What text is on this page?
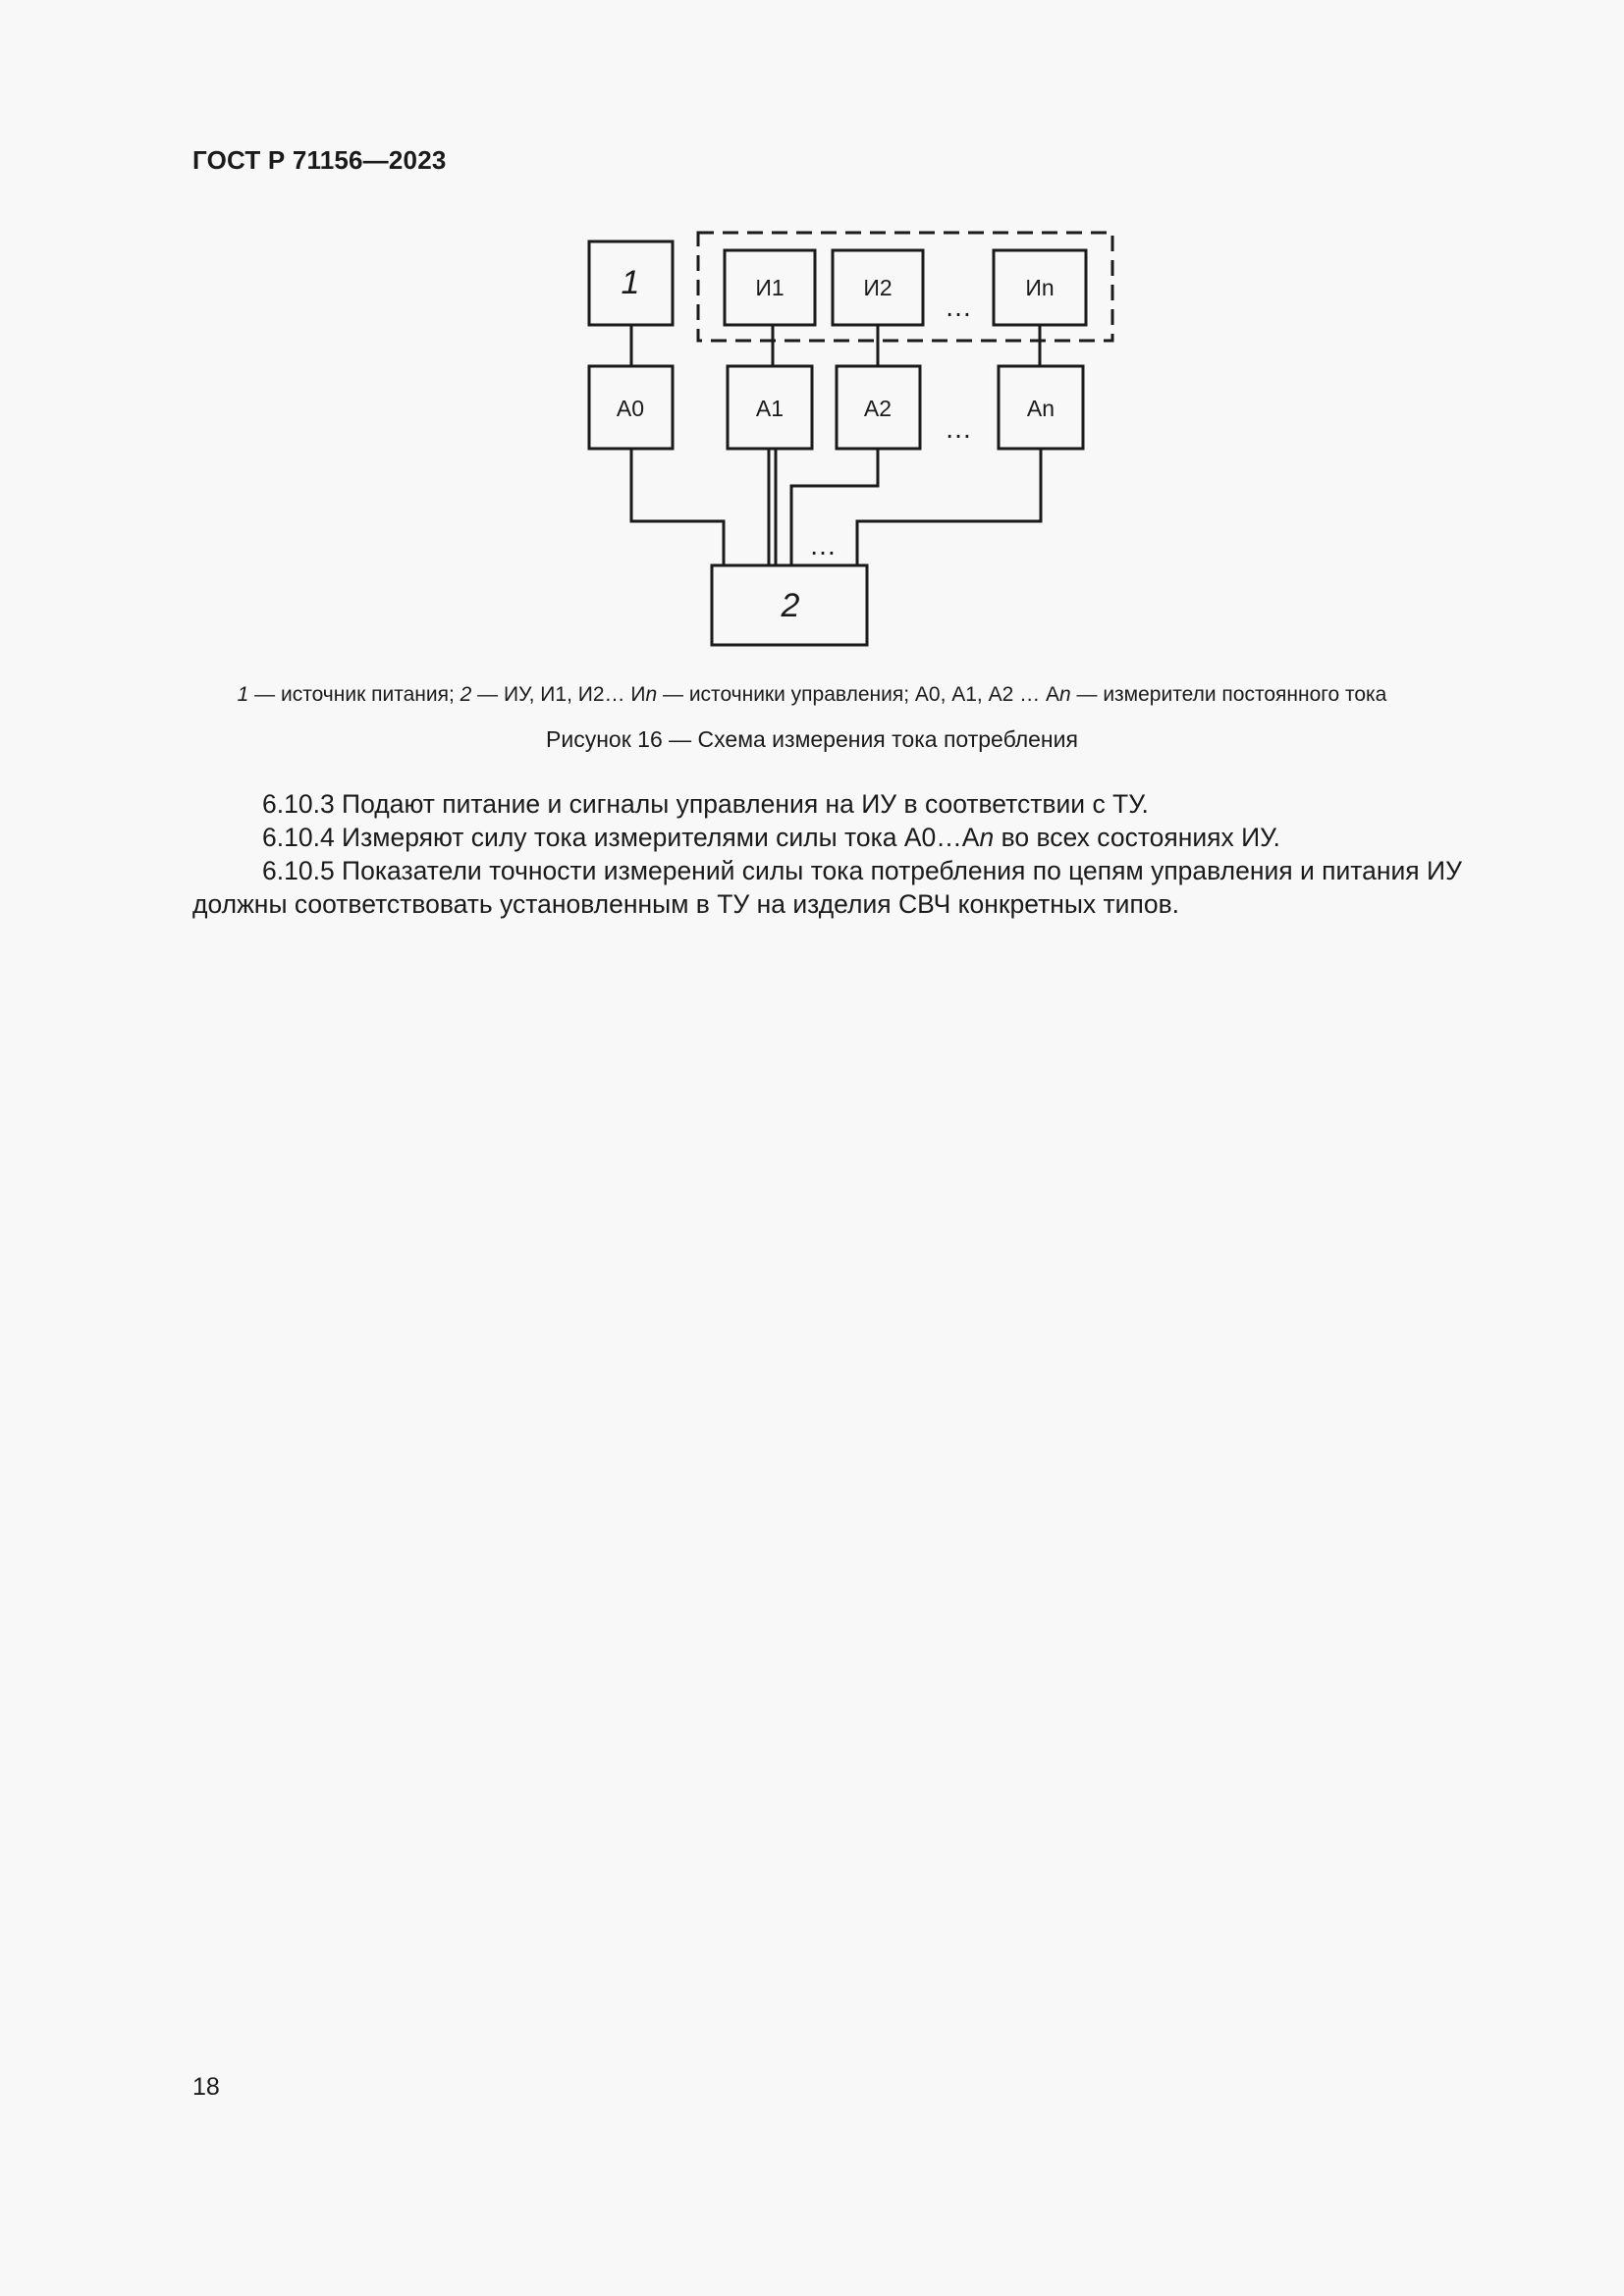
ГОСТ Р 71156—2023
1	И1	И2	Иn
А0	А1	А2	Аn
2
…
…
…
1 — источник питания; 2 — ИУ, И1, И2… Иn — источники управления; А0, А1, А2 … Аn — измерители постоянного тока
Рисунок 16 — Схема измерения тока потребления
6.10.3 Подают питание и сигналы управления на ИУ в соответствии с ТУ.
6.10.4 Измеряют силу тока измерителями силы тока А0…Аn во всех состояниях ИУ.
6.10.5 Показатели точности измерений силы тока потребления по цепям управления и питания ИУ должны соответствовать установленным в ТУ на изделия СВЧ конкретных типов.
18
